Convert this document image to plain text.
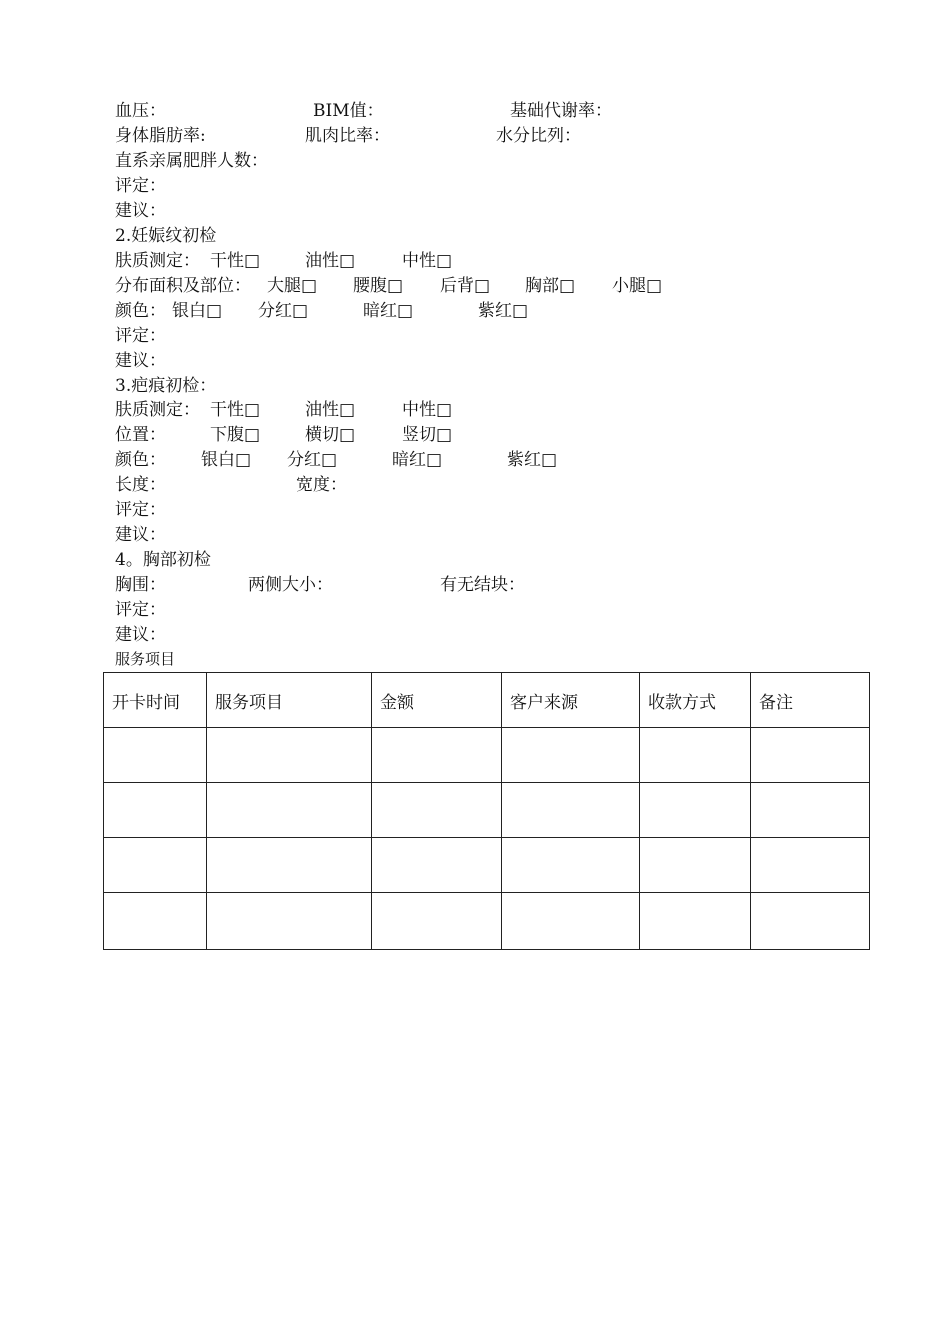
血压：	BIM值：	基础代谢率：
身体脂肪率:	肌肉比率：	水分比列：
直系亲属肥胖人数：
评定：
建议：
2.妊娠纹初检
肤质测定： 干性□	油性□	中性□
分布面积及部位： 大腿□ 腰腹□ 后背□ 胸部□ 小腿□
颜色： 银白□ 分红□	暗红□	紫红□
评定：
建议：
3.疤痕初检：
肤质测定： 干性□	油性□	中性□
位置：	下腹□	横切□	竖切□
颜色： 银白□ 分红□	暗红□	紫红□
长度：	宽度：
评定：
建议：
4。胸部初检
胸围：	两侧大小：	有无结块：
评定：
建议：
服务项目
开卡时间	服务项目	金额	客户来源	收款方式	备注
